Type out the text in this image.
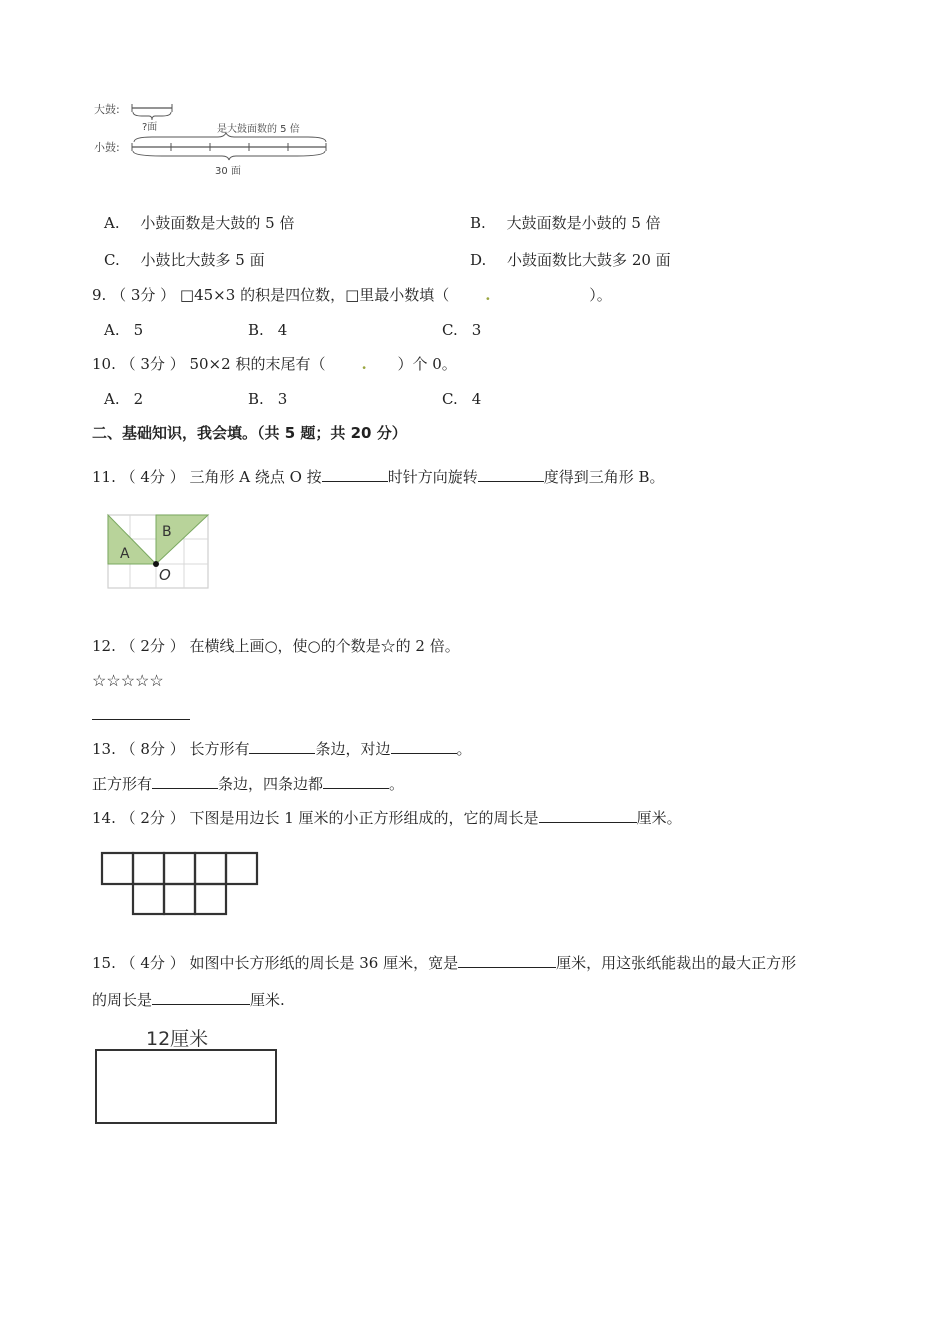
大鼓:
?面	是大鼓面数的 5 倍
小鼓:
30 面
A. 小鼓面数是大鼓的 5 倍	B. 大鼓面数是小鼓的 5 倍
C. 小鼓比大鼓多 5 面	D. 小鼓面数比大鼓多 20 面
9. （ 3分 ） □45×3 的积是四位数，□里最小数填（ .	）。
A. 5	B. 4	C. 3
10. （ 3分 ） 50×2 积的末尾有（ . ）个 0。
A. 2	B. 3	C. 4
二、基础知识，我会填。（共 5 题；共 20 分）
11. （ 4分 ） 三角形 A 绕点 O 按	时针方向旋转	度得到三角形 B。
A
B
O
12. （ 2分 ） 在横线上画○，使○的个数是☆的 2 倍。
☆☆☆☆☆
13. （ 8分 ） 长方形有	条边，对边	。
正方形有	条边，四条边都	。
14. （ 2分 ） 下图是用边长 1 厘米的小正方形组成的，它的周长是	厘米。
15. （ 4分 ） 如图中长方形纸的周长是 36 厘米，宽是	厘米，用这张纸能裁出的最大正方形
的周长是	厘米.
12厘米
